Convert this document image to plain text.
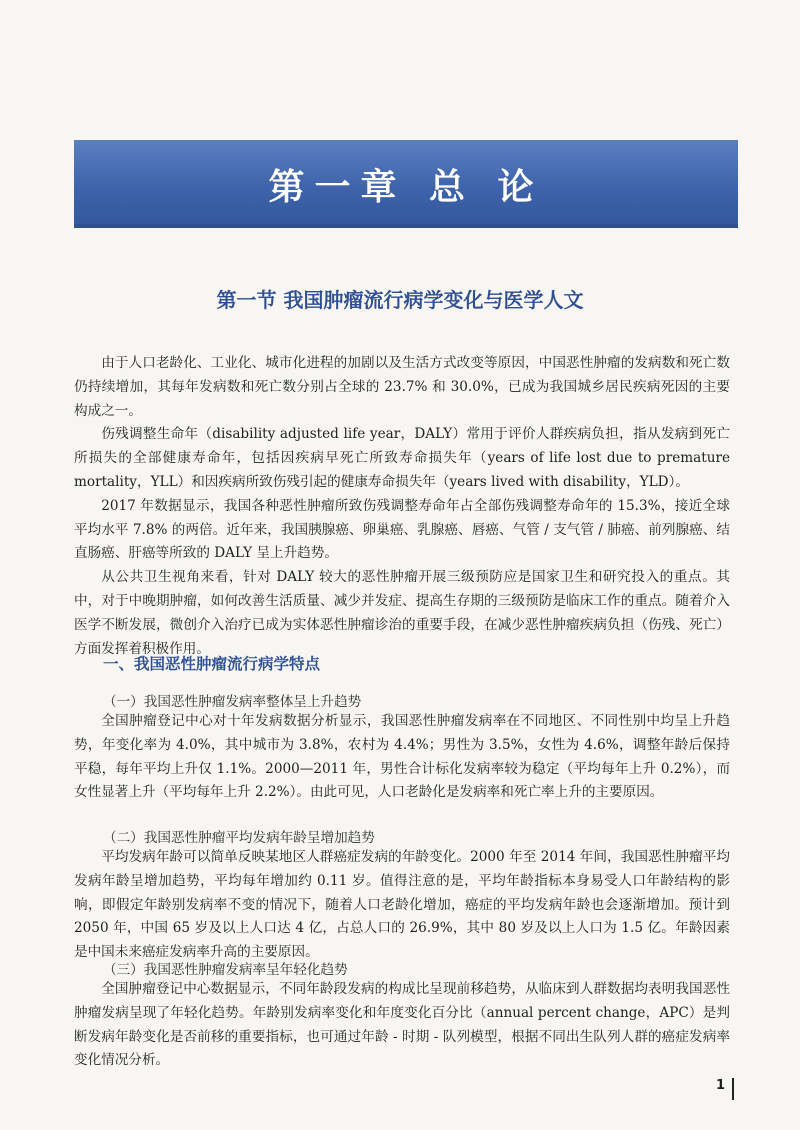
第一章 总 论
第一节 我国肿瘤流行病学变化与医学人文

由于人口老龄化、工业化、城市化进程的加剧以及生活方式改变等原因，中国恶性肿瘤的发病数和死亡数仍持续增加，其每年发病数和死亡数分别占全球的 23.7% 和 30.0%，已成为我国城乡居民疾病死因的主要构成之一。

伤残调整生命年（disability adjusted life year，DALY）常用于评价人群疾病负担，指从发病到死亡所损失的全部健康寿命年，包括因疾病早死亡所致寿命损失年（years of life lost due to premature mortality，YLL）和因疾病所致伤残引起的健康寿命损失年（years lived with disability，YLD）。

2017 年数据显示，我国各种恶性肿瘤所致伤残调整寿命年占全部伤残调整寿命年的 15.3%，接近全球平均水平 7.8% 的两倍。近年来，我国胰腺癌、卵巢癌、乳腺癌、唇癌、气管 / 支气管 / 肺癌、前列腺癌、结直肠癌、肝癌等所致的 DALY 呈上升趋势。

从公共卫生视角来看，针对 DALY 较大的恶性肿瘤开展三级预防应是国家卫生和研究投入的重点。其中，对于中晚期肿瘤，如何改善生活质量、减少并发症、提高生存期的三级预防是临床工作的重点。随着介入医学不断发展，微创介入治疗已成为实体恶性肿瘤诊治的重要手段，在减少恶性肿瘤疾病负担（伤残、死亡）方面发挥着积极作用。

一、我国恶性肿瘤流行病学特点
（一）我国恶性肿瘤发病率整体呈上升趋势

全国肿瘤登记中心对十年发病数据分析显示，我国恶性肿瘤发病率在不同地区、不同性别中均呈上升趋势，年变化率为 4.0%，其中城市为 3.8%，农村为 4.4%；男性为 3.5%，女性为 4.6%，调整年龄后保持平稳，每年平均上升仅 1.1%。2000—2011 年，男性合计标化发病率较为稳定（平均每年上升 0.2%），而女性显著上升（平均每年上升 2.2%）。由此可见，人口老龄化是发病率和死亡率上升的主要原因。

（二）我国恶性肿瘤平均发病年龄呈增加趋势

平均发病年龄可以简单反映某地区人群癌症发病的年龄变化。2000 年至 2014 年间，我国恶性肿瘤平均发病年龄呈增加趋势，平均每年增加约 0.11 岁。值得注意的是，平均年龄指标本身易受人口年龄结构的影响，即假定年龄别发病率不变的情况下，随着人口老龄化增加，癌症的平均发病年龄也会逐渐增加。预计到 2050 年，中国 65 岁及以上人口达 4 亿，占总人口的 26.9%，其中 80 岁及以上人口为 1.5 亿。年龄因素是中国未来癌症发病率升高的主要原因。

（三）我国恶性肿瘤发病率呈年轻化趋势

全国肿瘤登记中心数据显示，不同年龄段发病的构成比呈现前移趋势，从临床到人群数据均表明我国恶性肿瘤发病呈现了年轻化趋势。年龄别发病率变化和年度变化百分比（annual percent change，APC）是判断发病年龄变化是否前移的重要指标，也可通过年龄 - 时期 - 队列模型，根据不同出生队列人群的癌症发病率变化情况分析。

1
